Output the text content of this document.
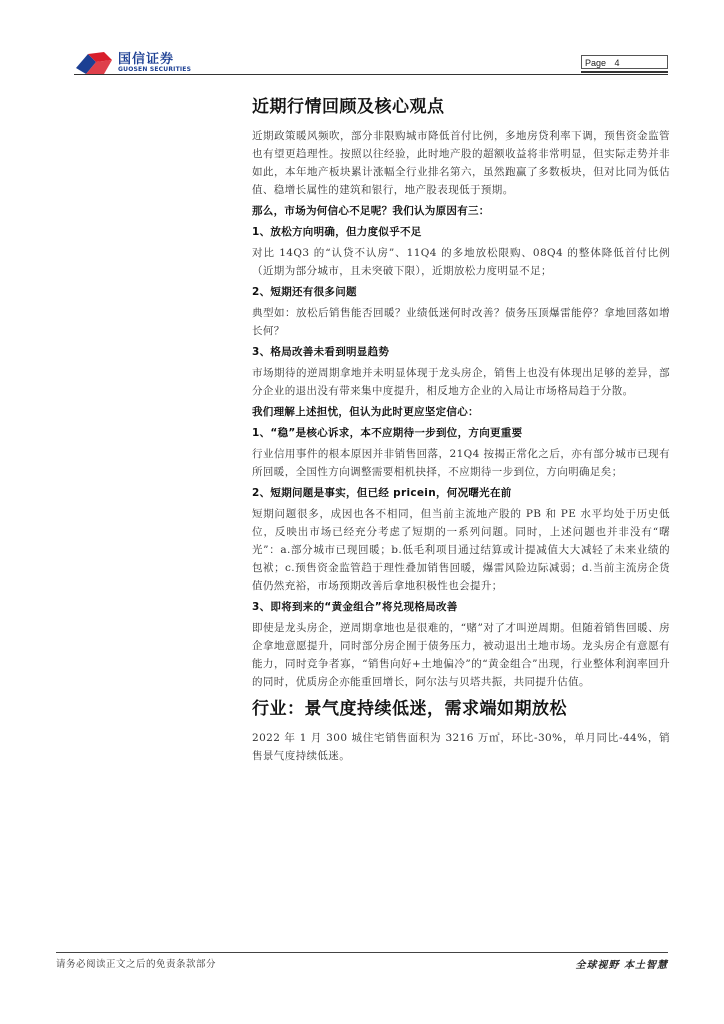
国信证券
GUOSEN SECURITIES
Page 4
近期行情回顾及核心观点

近期政策暖风频吹，部分非限购城市降低首付比例，多地房贷利率下调，预售资金监管也有望更趋理性。按照以往经验，此时地产股的超额收益将非常明显，但实际走势并非如此，本年地产板块累计涨幅全行业排名第六，虽然跑赢了多数板块，但对比同为低估值、稳增长属性的建筑和银行，地产股表现低于预期。

那么，市场为何信心不足呢？我们认为原因有三：

1、放松方向明确，但力度似乎不足

对比 14Q3 的“认贷不认房”、11Q4 的多地放松限购、08Q4 的整体降低首付比例（近期为部分城市，且未突破下限），近期放松力度明显不足；

2、短期还有很多问题

典型如：放松后销售能否回暖？业绩低迷何时改善？债务压顶爆雷能停？拿地回落如增长何？

3、格局改善未看到明显趋势

市场期待的逆周期拿地并未明显体现于龙头房企，销售上也没有体现出足够的差异，部分企业的退出没有带来集中度提升，相反地方企业的入局让市场格局趋于分散。

我们理解上述担忧，但认为此时更应坚定信心：

1、“稳”是核心诉求，本不应期待一步到位，方向更重要

行业信用事件的根本原因并非销售回落，21Q4 按揭正常化之后，亦有部分城市已现有所回暖，全国性方向调整需要相机抉择，不应期待一步到位，方向明确足矣；

2、短期问题是事实，但已经 pricein，何况曙光在前

短期问题很多，成因也各不相同，但当前主流地产股的 PB 和 PE 水平均处于历史低位，反映出市场已经充分考虑了短期的一系列问题。同时，上述问题也并非没有“曙光”：a.部分城市已现回暖；b.低毛利项目通过结算或计提减值大大减轻了未来业绩的包袱；c.预售资金监管趋于理性叠加销售回暖，爆雷风险边际减弱；d.当前主流房企货值仍然充裕，市场预期改善后拿地积极性也会提升；

3、即将到来的“黄金组合”将兑现格局改善

即使是龙头房企，逆周期拿地也是很难的，“赌”对了才叫逆周期。但随着销售回暖、房企拿地意愿提升，同时部分房企囿于债务压力，被动退出土地市场。龙头房企有意愿有能力，同时竞争者寡，“销售向好+土地偏冷”的“黄金组合”出现，行业整体利润率回升的同时，优质房企亦能重回增长，阿尔法与贝塔共振，共同提升估值。

行业：景气度持续低迷，需求端如期放松

2022 年 1 月 300 城住宅销售面积为 3216 万㎡，环比-30%，单月同比-44%，销售景气度持续低迷。

请务必阅读正文之后的免责条款部分	全球视野 本土智慧
